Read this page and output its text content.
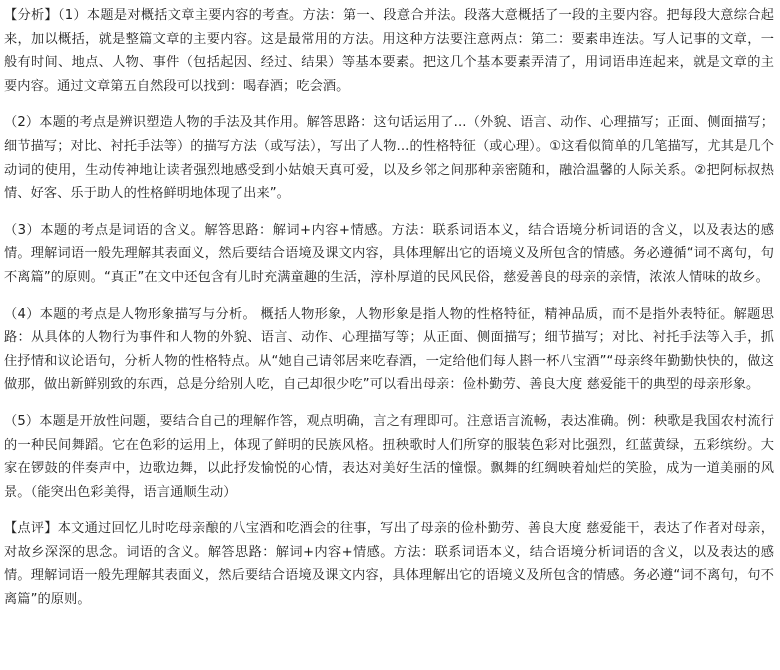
【分析】（1）本题是对概括文章主要内容的考查。方法：第一、段意合并法。段落大意概括了一段的主要内容。把每段大意综合起来，加以概括，就是整篇文章的主要内容。这是最常用的方法。用这种方法要注意两点：第二：要素串连法。写人记事的文章，一般有时间、地点、人物、事件（包括起因、经过、结果）等基本要素。把这几个基本要素弄清了，用词语串连起来，就是文章的主要内容。通过文章第五自然段可以找到：喝春酒；吃会酒。

（2）本题的考点是辨识塑造人物的手法及其作用。解答思路：这句话运用了...（外貌、语言、动作、心理描写；正面、侧面描写；细节描写；对比、衬托手法等）的描写方法（或写法），写出了人物...的性格特征（或心理）。①这看似简单的几笔描写，尤其是几个动词的使用，生动传神地让读者强烈地感受到小姑娘天真可爱，以及乡邻之间那种亲密随和，融洽温馨的人际关系。②把阿标叔热情、好客、乐于助人的性格鲜明地体现了出来”。

（3）本题的考点是词语的含义。解答思路：解词+内容+情感。方法：联系词语本义，结合语境分析词语的含义，以及表达的感情。理解词语一般先理解其表面义，然后要结合语境及课文内容，具体理解出它的语境义及所包含的情感。务必遵循“词不离句，句不离篇”的原则。“真正”在文中还包含有儿时充满童趣的生活，淳朴厚道的民风民俗，慈爱善良的母亲的亲情，浓浓人情味的故乡。

（4）本题的考点是人物形象描写与分析。 概括人物形象，人物形象是指人物的性格特征，精神品质，而不是指外表特征。解题思路：从具体的人物行为事件和人物的外貌、语言、动作、心理描写等；从正面、侧面描写；细节描写；对比、衬托手法等入手，抓住抒情和议论语句，分析人物的性格特点。从“她自己请邻居来吃春酒，一定给他们每人斟一杯八宝酒”“母亲终年勤勤快快的，做这做那，做出新鲜别致的东西，总是分给别人吃，自己却很少吃”可以看出母亲：俭朴勤劳、善良大度 慈爱能干的典型的母亲形象。

（5）本题是开放性问题，要结合自己的理解作答，观点明确，言之有理即可。注意语言流畅，表达准确。例：秧歌是我国农村流行的一种民间舞蹈。它在色彩的运用上，体现了鲜明的民族风格。扭秧歌时人们所穿的服装色彩对比强烈，红蓝黄绿，五彩缤纷。大家在锣鼓的伴奏声中，边歌边舞，以此抒发愉悦的心情，表达对美好生活的憧憬。飘舞的红绸映着灿烂的笑脸，成为一道美丽的风景。（能突出色彩美得，语言通顺生动）

【点评】本文通过回忆儿时吃母亲酿的八宝酒和吃酒会的往事，写出了母亲的俭朴勤劳、善良大度 慈爱能干，表达了作者对母亲，对故乡深深的思念。词语的含义。解答思路：解词+内容+情感。方法：联系词语本义，结合语境分析词语的含义，以及表达的感情。理解词语一般先理解其表面义，然后要结合语境及课文内容，具体理解出它的语境义及所包含的情感。务必遵“词不离句，句不离篇”的原则。
